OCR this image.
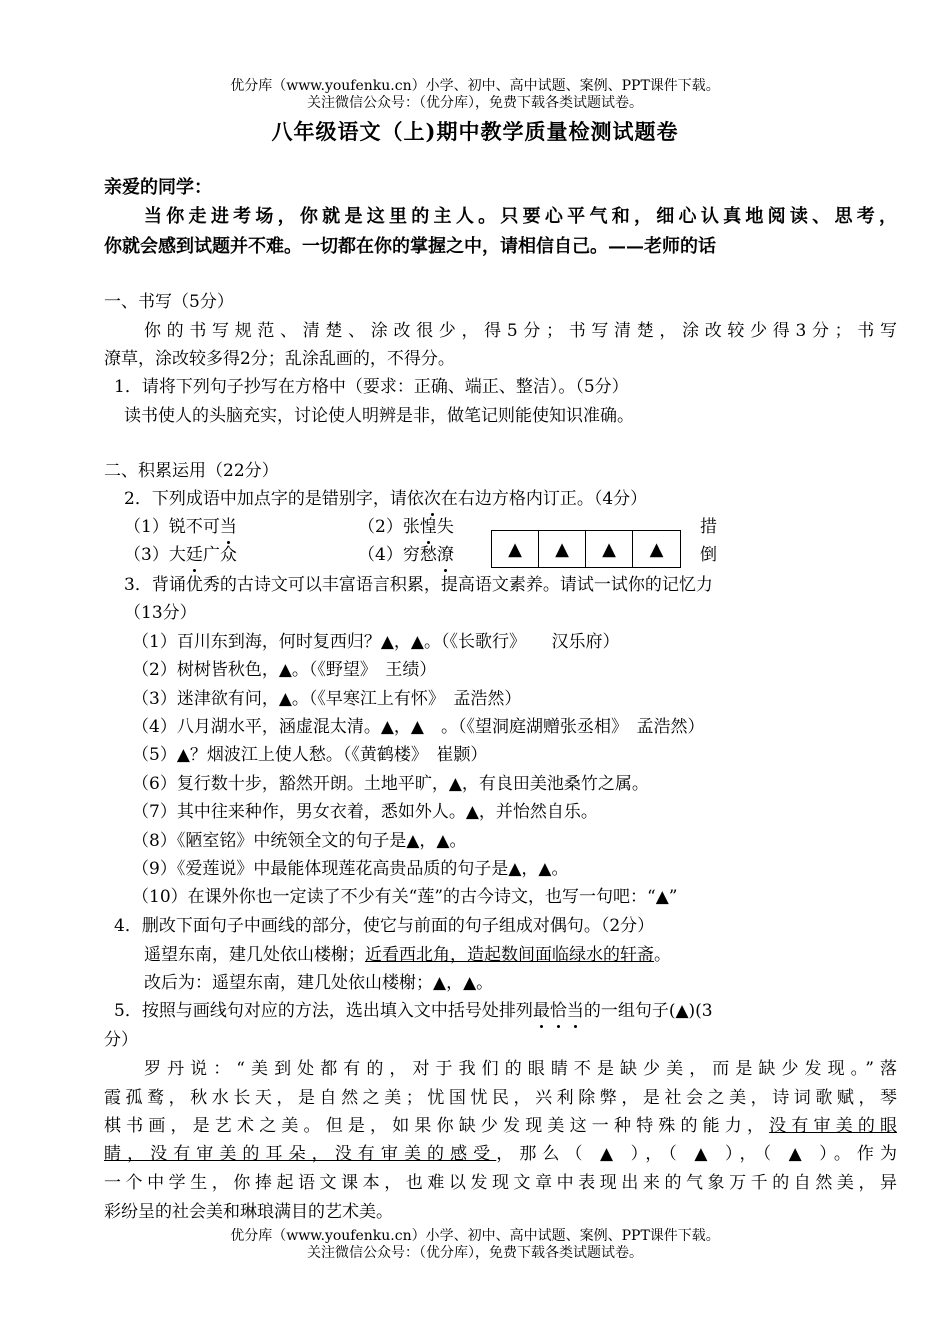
优分库（www.youfenku.cn）小学、初中、高中试题、案例、PPT课件下载。
关注微信公众号：（优分库），免费下载各类试题试卷。
八年级语文（上)期中教学质量检测试题卷
亲爱的同学：
当你走进考场，你就是这里的主人。只要心平气和，细心认真地阅读、思考，
你就会感到试题并不难。一切都在你的掌握之中，请相信自己。——老师的话
一、书写（5分）
你的书写规范、清楚、涂改很少，得5分；书写清楚，涂改较少得3分；书写
潦草，涂改较多得2分；乱涂乱画的，不得分。
1．请将下列句子抄写在方格中（要求：正确、端正、整洁）。（5分）
读书使人的头脑充实，讨论使人明辨是非，做笔记则能使知识准确。
二、积累运用（22分）
2．下列成语中加点字的是错别字，请依次在右边方格内订正。（4分）
（1）锐不可当	（2）张惶失	措
（3）大廷广众	（4）穷愁潦	倒
▲	▲	▲	▲
3．背诵优秀的古诗文可以丰富语言积累，提高语文素养。请试一试你的记忆力
（13分）
（1）百川东到海，何时复西归？▲，▲。（《长歌行》　　汉乐府）
（2）树树皆秋色，▲。（《野望》　王绩）
（3）迷津欲有问，▲。（《早寒江上有怀》　孟浩然）
（4）八月湖水平，涵虚混太清。▲，▲　。（《望洞庭湖赠张丞相》　孟浩然）
（5）▲？烟波江上使人愁。（《黄鹤楼》　崔颢）
（6）复行数十步，豁然开朗。土地平旷，▲，有良田美池桑竹之属。
（7）其中往来种作，男女衣着，悉如外人。▲，并怡然自乐。
（8）《陋室铭》中统领全文的句子是▲，▲。
（9）《爱莲说》中最能体现莲花高贵品质的句子是▲，▲。
（10）在课外你也一定读了不少有关“莲”的古今诗文，也写一句吧：“▲”
4．删改下面句子中画线的部分，使它与前面的句子组成对偶句。（2分）
遥望东南，建几处依山楼榭；近看西北角，造起数间面临绿水的轩斋。
改后为：遥望东南，建几处依山楼榭；▲，▲。
5．按照与画线句对应的方法，选出填入文中括号处排列最恰当的一组句子(▲)(3
分）
罗丹说：“美到处都有的，对于我们的眼睛不是缺少美，而是缺少发现。”落
霞孤鹜，秋水长天，是自然之美；忧国忧民，兴利除弊，是社会之美，诗词歌赋，琴
棋书画，是艺术之美。但是，如果你缺少发现美这一种特殊的能力，没有审美的眼
睛，没有审美的耳朵，没有审美的感受，那么（ ▲ ），（ ▲ ），（ ▲ ）。作为
一个中学生，你捧起语文课本，也难以发现文章中表现出来的气象万千的自然美，异
彩纷呈的社会美和琳琅满目的艺术美。
优分库（www.youfenku.cn）小学、初中、高中试题、案例、PPT课件下载。
关注微信公众号：（优分库），免费下载各类试题试卷。
